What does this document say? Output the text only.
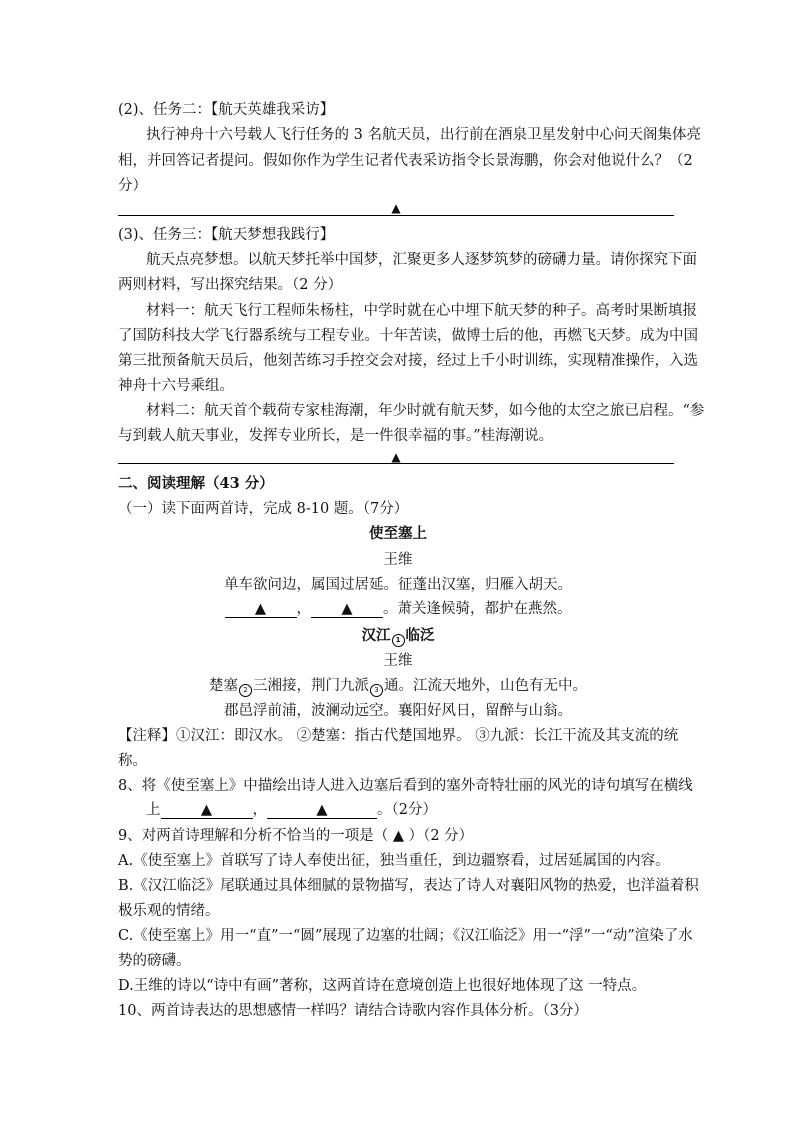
(2)、任务二：【航天英雄我采访】
执行神舟十六号载人飞行任务的 3 名航天员，出行前在酒泉卫星发射中心问天阁集体亮
相，并回答记者提问。假如你作为学生记者代表采访指令长景海鹏，你会对他说什么？（2
分）
▲
(3)、任务三：【航天梦想我践行】
航天点亮梦想。以航天梦托举中国梦，汇聚更多人逐梦筑梦的磅礴力量。请你探究下面
两则材料，写出探究结果。（2 分）
材料一：航天飞行工程师朱杨柱，中学时就在心中埋下航天梦的种子。高考时果断填报
了国防科技大学飞行器系统与工程专业。十年苦读，做博士后的他，再燃飞天梦。成为中国
第三批预备航天员后，他刻苦练习手控交会对接，经过上千小时训练，实现精准操作，入选
神舟十六号乘组。
材料二：航天首个载荷专家桂海潮，年少时就有航天梦，如今他的太空之旅已启程。“参
与到载人航天事业，发挥专业所长，是一件很幸福的事。”桂海潮说。
▲
二、阅读理解（43 分）
（一）读下面两首诗，完成 8-10 题。（7分）
使至塞上
王维
单车欲问边，属国过居延。征蓬出汉塞，归雁入胡天。
▲ ， ▲ 。萧关逢候骑，都护在燕然。
汉江 1 临泛
王维
楚塞 2 三湘接，荆门九派 3 通。江流天地外，山色有无中。
郡邑浮前浦，波澜动远空。襄阳好风日，留醉与山翁。
【注释】①汉江：即汉水。 ②楚塞：指古代楚国地界。 ③九派：长江干流及其支流的统
称。
8、将《使至塞上》中描绘出诗人进入边塞后看到的塞外奇特壮丽的风光的诗句填写在横线
上	▲	，	▲	。（2分）
9、对两首诗理解和分析不恰当的一项是（ ▲ ）（2 分）
A.《使至塞上》首联写了诗人奉使出征，独当重任，到边疆察看，过居延属国的内容。
B.《汉江临泛》尾联通过具体细腻的景物描写，表达了诗人对襄阳风物的热爱，也洋溢着积
极乐观的情绪。
C.《使至塞上》用一“直”一“圆”展现了边塞的壮阔；《汉江临泛》用一“浮”一“动”渲染了水
势的磅礴。
D.王维的诗以“诗中有画”著称，这两首诗在意境创造上也很好地体现了这 一特点。
10、两首诗表达的思想感情一样吗？请结合诗歌内容作具体分析。（3分）
